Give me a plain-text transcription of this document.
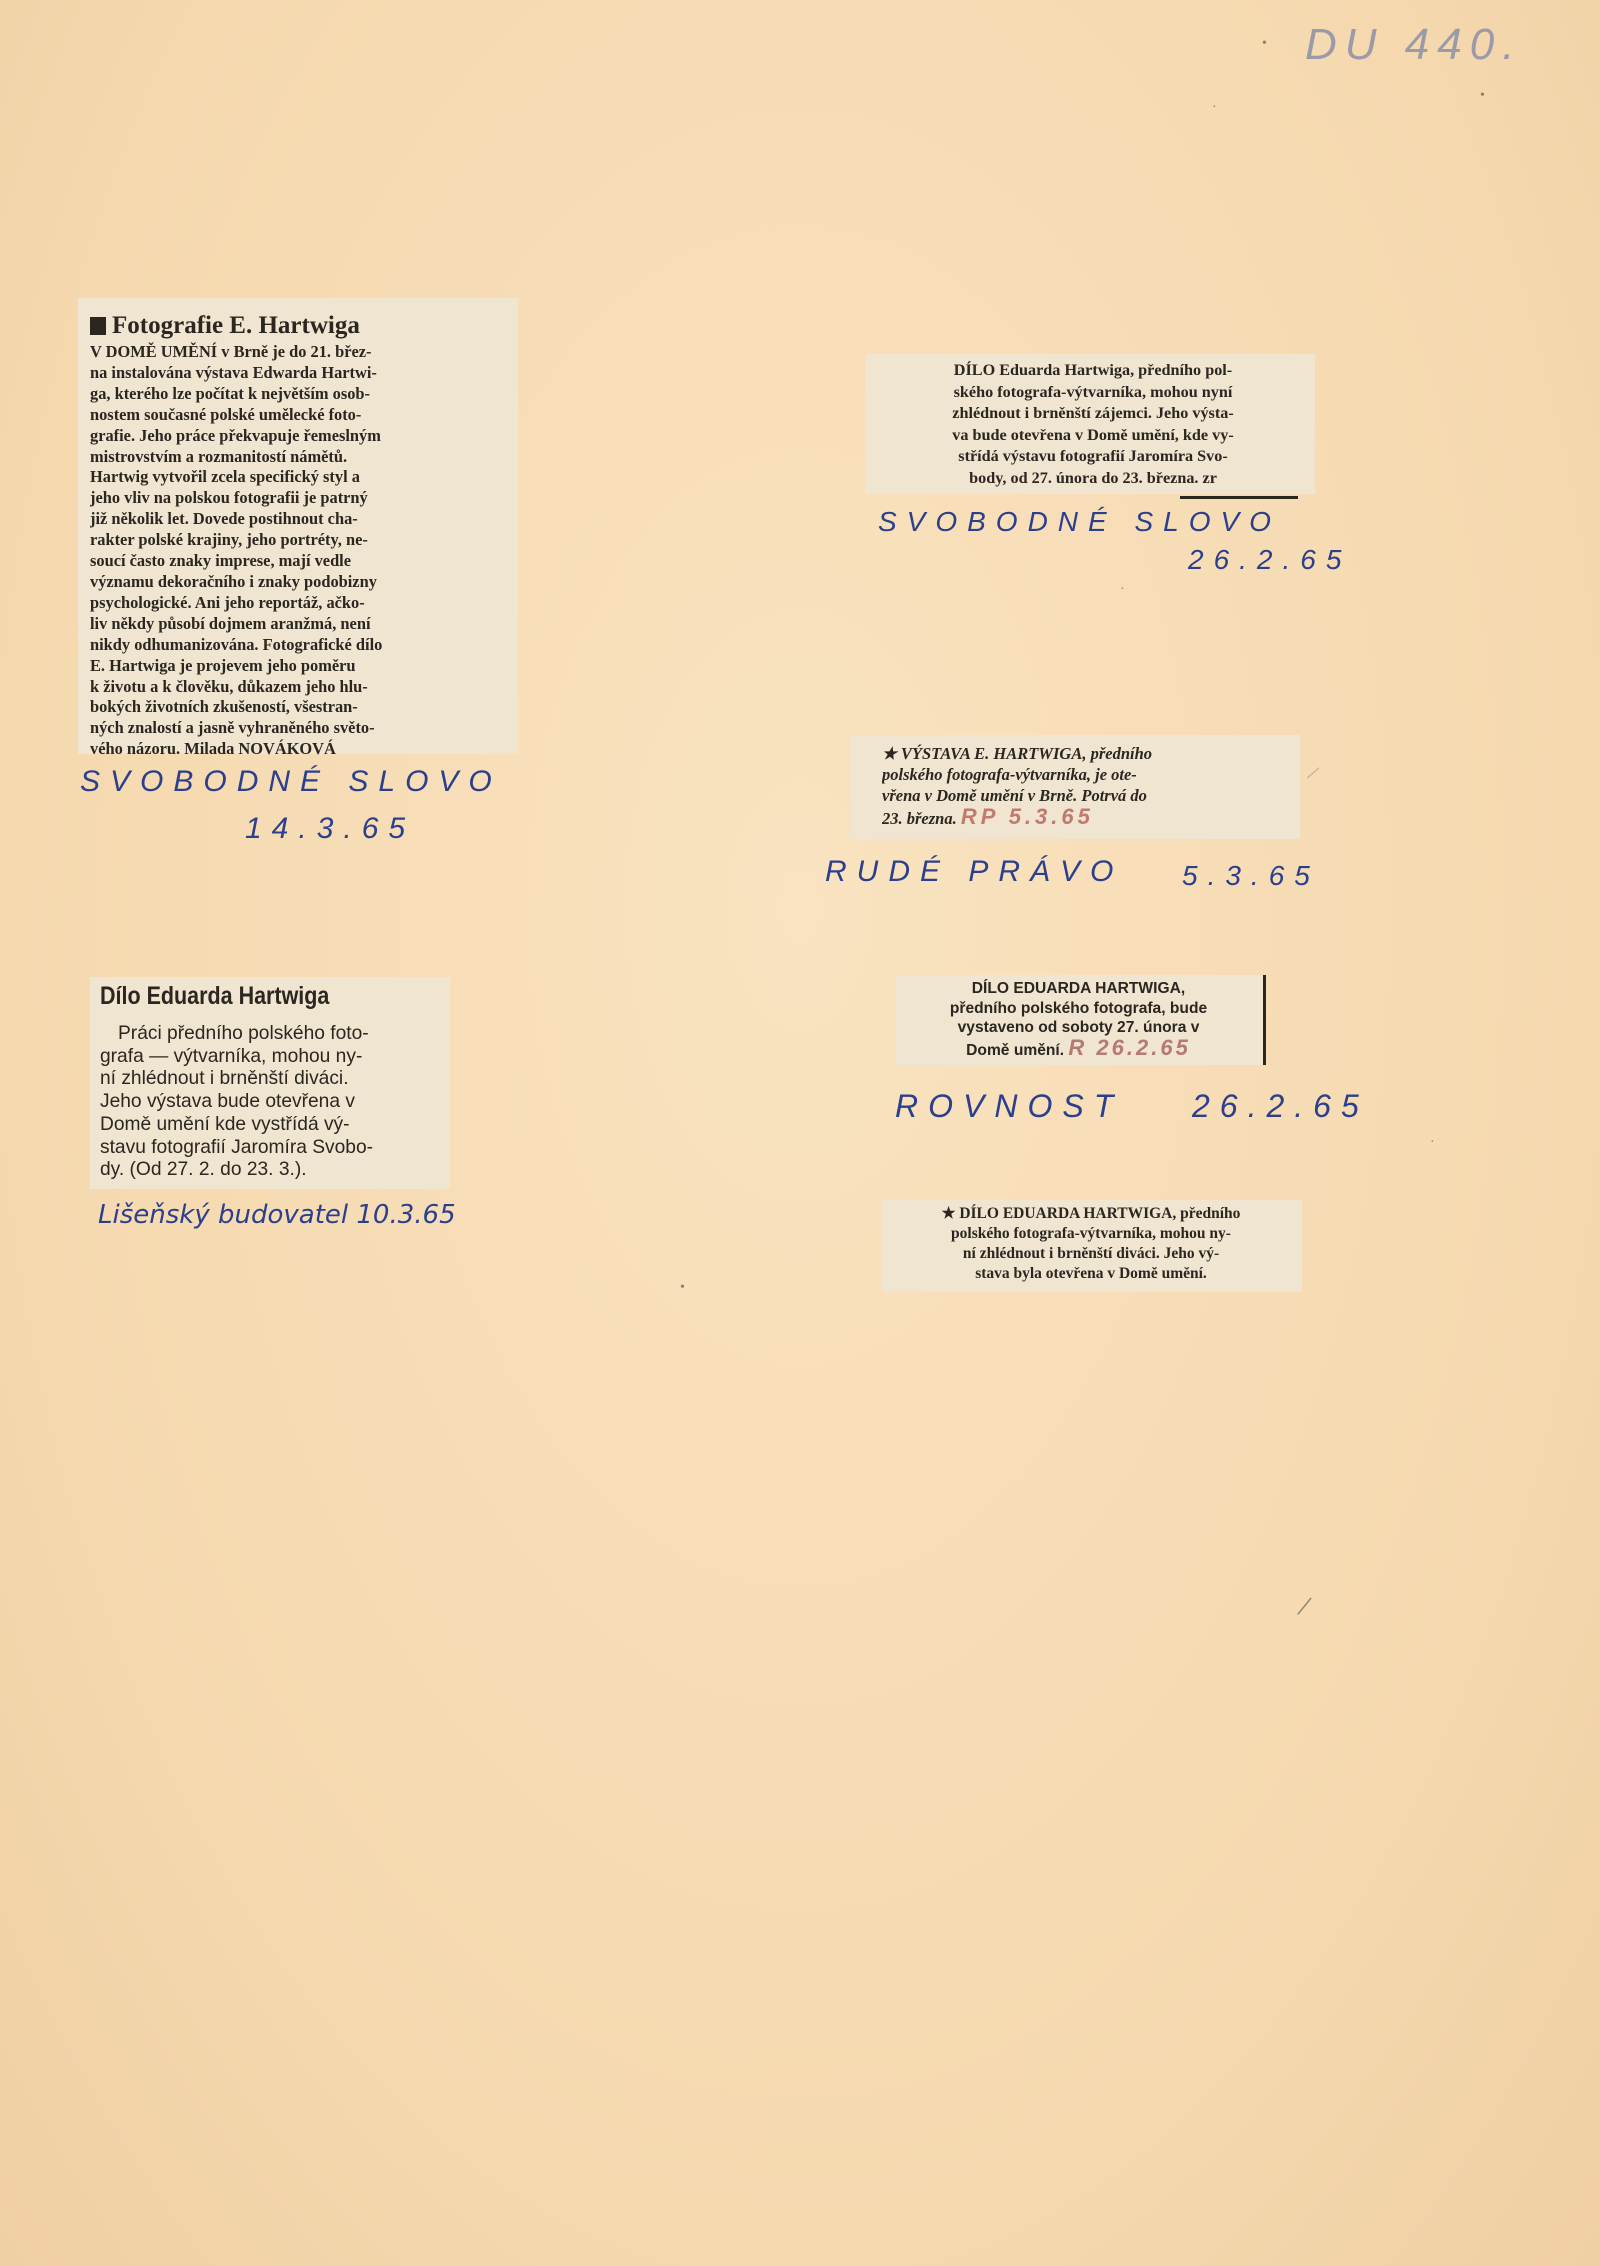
DU 440.
•
Fotografie E. Hartwiga
V DOMĚ UMĚNÍ v Brně je do 21. břez-
na instalována výstava Edwarda Hartwi-
ga, kterého lze počítat k největším osob-
nostem současné polské umělecké foto-
grafie. Jeho práce překvapuje řemeslným
mistrovstvím a rozmanitostí námětů.
Hartwig vytvořil zcela specifický styl a
jeho vliv na polskou fotografii je patrný
již několik let. Dovede postihnout cha-
rakter polské krajiny, jeho portréty, ne-
soucí často znaky imprese, mají vedle
významu dekoračního i znaky podobizny
psychologické. Ani jeho reportáž, ačko-
liv někdy působí dojmem aranžmá, není
nikdy odhumanizována. Fotografické dílo
E. Hartwiga je projevem jeho poměru
k životu a k člověku, důkazem jeho hlu-
bokých životních zkušeností, všestran-
ných znalostí a jasně vyhraněného světo-
vého názoru. Milada NOVÁKOVÁ
SVOBODNÉ SLOVO
14.3.65
DÍLO Eduarda Hartwiga, předního pol-
ského fotografa-výtvarníka, mohou nyní
zhlédnout i brněnští zájemci. Jeho výsta-
va bude otevřena v Domě umění, kde vy-
střídá výstavu fotografií Jaromíra Svo-
body, od 27. února do 23. března. zr
SVOBODNÉ SLOVO
26.2.65
★ VÝSTAVA E. HARTWIGA, předního
polského fotografa-výtvarníka, je ote-
vřena v Domě umění v Brně. Potrvá do
23. března. RP 5.3.65
RUDÉ PRÁVO 5.3.65
Dílo Eduarda Hartwiga
Práci předního polského foto-
grafa — výtvarníka, mohou ny-
ní zhlédnout i brněnští diváci.
Jeho výstava bude otevřena v
Domě umění kde vystřídá vý-
stavu fotografií Jaromíra Svobo-
dy. (Od 27. 2. do 23. 3.).
Lišeňský budovatel 10.3.65
DÍLO EDUARDA HARTWIGA,
předního polského fotografa, bude
vystaveno od soboty 27. února v
Domě umění. R 26.2.65
ROVNOST 26.2.65
★ DÍLO EDUARDA HARTWIGA, předního
polského fotografa-výtvarníka, mohou ny-
ní zhlédnout i brněnští diváci. Jeho vý-
stava byla otevřena v Domě umění.
·
•
·
·
•
/
/
